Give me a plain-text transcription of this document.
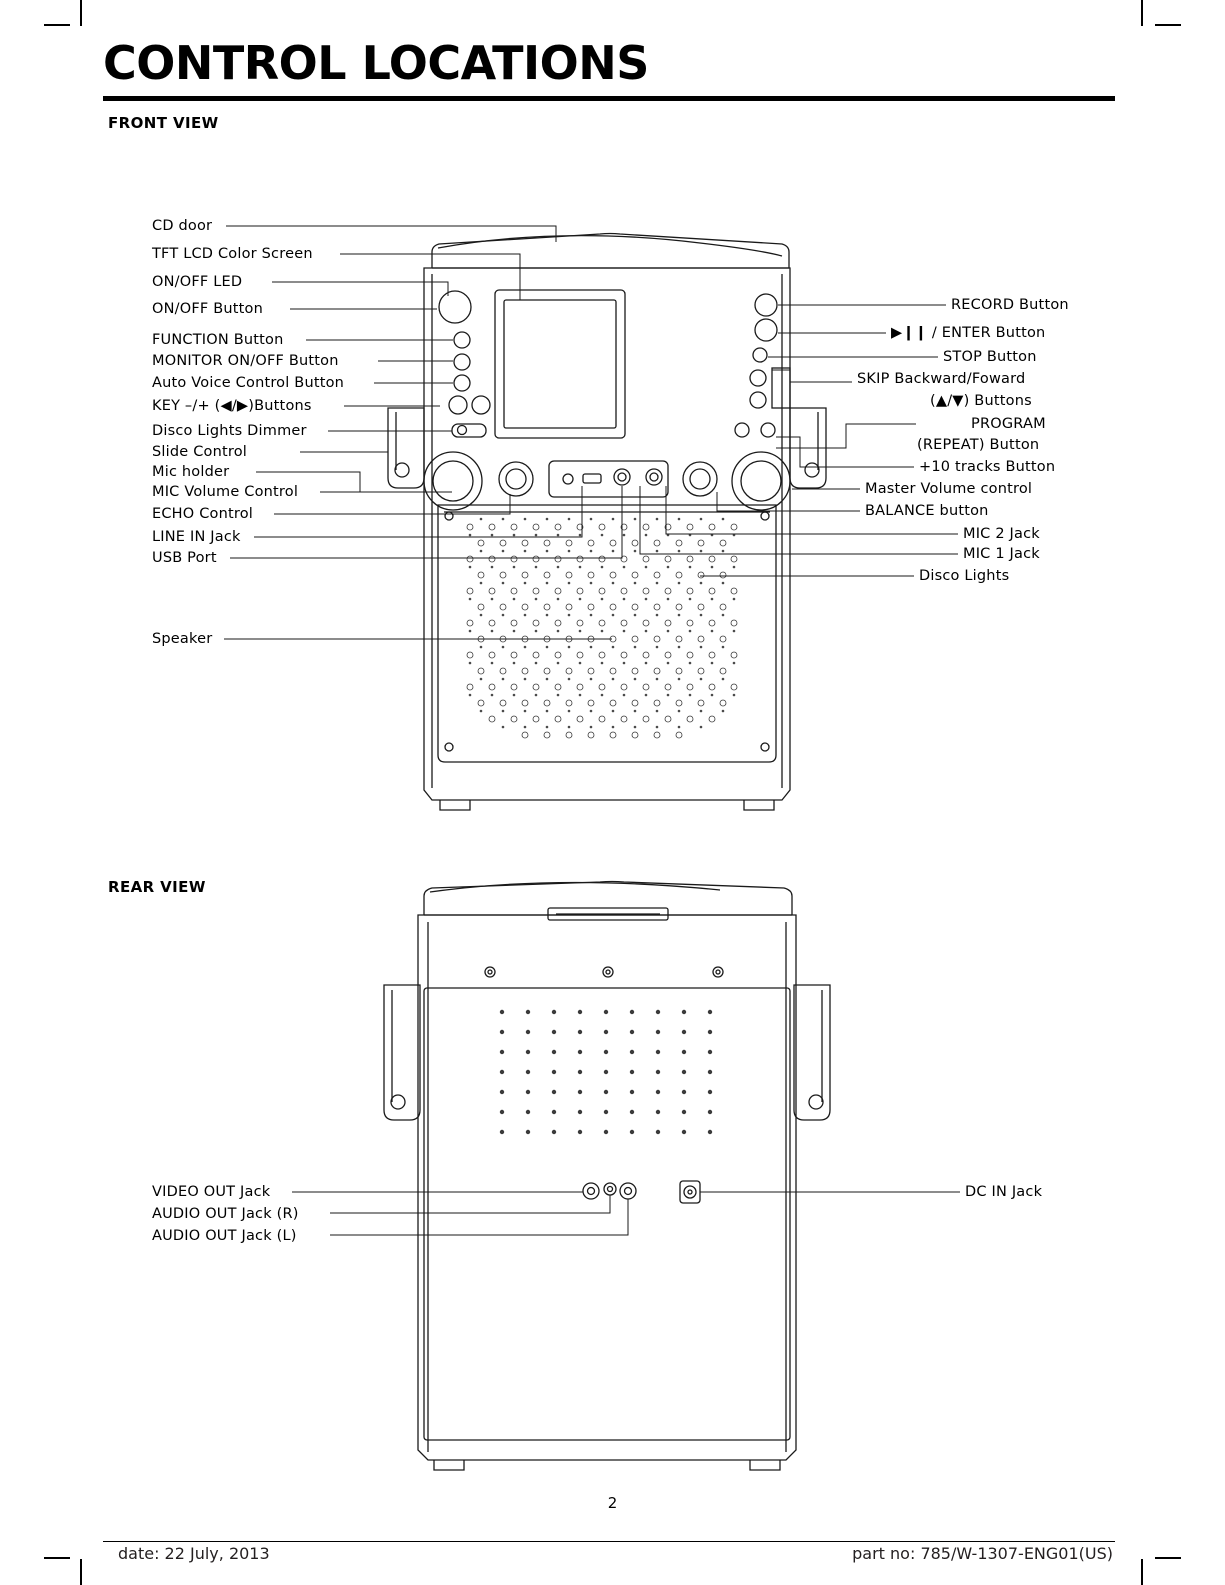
CONTROL LOCATIONS
FRONT VIEW
CD door
TFT LCD Color Screen
ON/OFF LED
ON/OFF Button
FUNCTION Button
MONITOR ON/OFF Button
Auto Voice Control Button
KEY –/+ (◀/▶)Buttons
Disco Lights Dimmer
Slide Control
Mic holder
MIC Volume Control
ECHO Control
LINE IN Jack
USB Port
Speaker
RECORD Button
▶❙❙ / ENTER Button
STOP Button
SKIP Backward/Foward
(▲/▼) Buttons
PROGRAM
(REPEAT) Button
+10 tracks Button
Master Volume control
BALANCE button
MIC 2 Jack
MIC 1 Jack
Disco Lights
REAR VIEW
VIDEO OUT Jack
AUDIO OUT Jack (R)
AUDIO OUT Jack (L)
DC IN Jack
2
date: 22 July, 2013	part no: 785/W-1307-ENG01(US)
